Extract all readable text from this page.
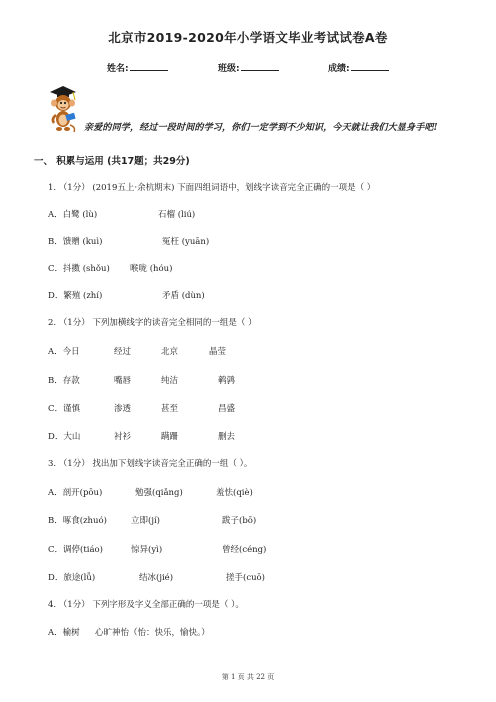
北京市2019-2020年小学语文毕业考试试卷A卷
姓名:	班级:	成绩:
亲爱的同学，经过一段时间的学习，你们一定学到不少知识，今天就让我们大显身手吧!
一、 积累与运用 (共17题；共29分)
1. （1分） (2019五上·余杭期末) 下面四组词语中，划线字读音完全正确的一项是（ ）
A．白鹭 (lù)	石榴 (liú)
B．馈赠 (kuì)	冤枉 (yuān)
C．抖擞 (shǒu) 喉咙 (hóu)
D．繁殖 (zhí)	矛盾 (dùn)
2. （1分） 下列加横线字的读音完全相同的一组是（ ）
A．今日	经过	北京	晶莹
B．存款	嘴唇	纯洁	鹌鹑
C．谨慎	渗透	甚至	昌盛
D．大山	衬衫	蹒跚	删去
3. （1分） 找出加下划线字读音完全正确的一组（ ）。
A．剖开(pōu)	勉强(qiǎng)	羞怯(qiè)
B．啄食(zhuó)	立即(jí)	跋子(bō)
C．调停(tiáo)	惊异(yì)	曾经(céng)
D．旅途(lǚ)	结冰(jié)	搓手(cuō)
4. （1分） 下列字形及字义全部正确的一项是（ ）。
A．榆树 心旷神怡（怡：快乐，愉快。）
第 1 页 共 22 页
